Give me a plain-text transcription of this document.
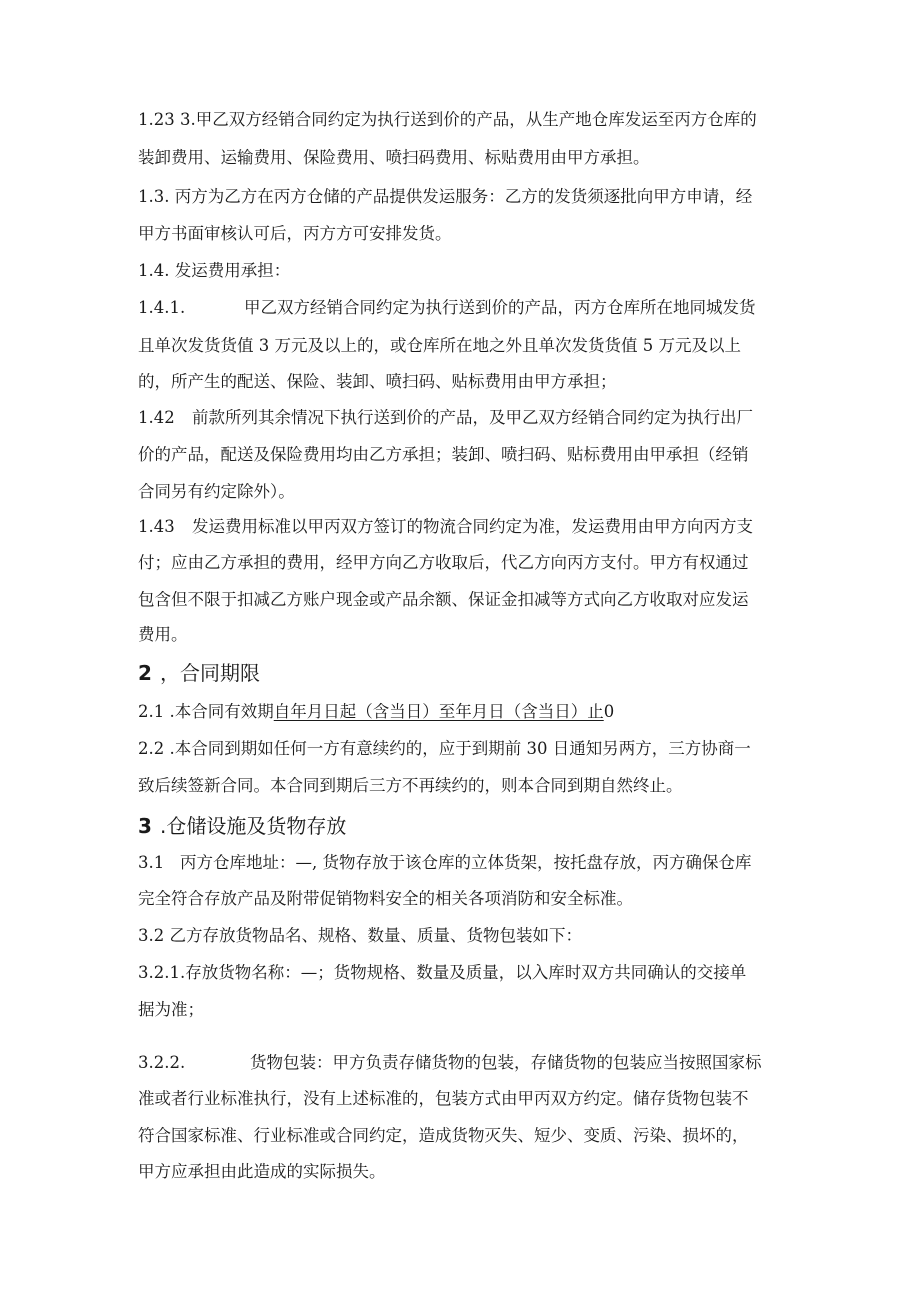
1.23 3.甲乙双方经销合同约定为执行送到价的产品，从生产地仓库发运至丙方仓库的
装卸费用、运输费用、保险费用、喷扫码费用、标贴费用由甲方承担。
1.3. 丙方为乙方在丙方仓储的产品提供发运服务：乙方的发货须逐批向甲方申请，经
甲方书面审核认可后，丙方方可安排发货。
1.4. 发运费用承担：
1.4.1.	甲乙双方经销合同约定为执行送到价的产品，丙方仓库所在地同城发货
且单次发货货值 3 万元及以上的，或仓库所在地之外且单次发货货值 5 万元及以上
的，所产生的配送、保险、装卸、喷扫码、贴标费用由甲方承担；
1.42 前款所列其余情况下执行送到价的产品，及甲乙双方经销合同约定为执行出厂
价的产品，配送及保险费用均由乙方承担；装卸、喷扫码、贴标费用由甲承担（经销
合同另有约定除外）。
1.43 发运费用标准以甲丙双方签订的物流合同约定为准，发运费用由甲方向丙方支
付；应由乙方承担的费用，经甲方向乙方收取后，代乙方向丙方支付。甲方有权通过
包含但不限于扣减乙方账户现金或产品余额、保证金扣减等方式向乙方收取对应发运
费用。
2 ，合同期限
2.1 .本合同有效期自年月日起（含当日）至年月日（含当日）止0
2.2 .本合同到期如任何一方有意续约的，应于到期前 30 日通知另两方，三方协商一
致后续签新合同。本合同到期后三方不再续约的，则本合同到期自然终止。
3 .仓储设施及货物存放
3.1 丙方仓库地址：—, 货物存放于该仓库的立体货架，按托盘存放，丙方确保仓库
完全符合存放产品及附带促销物料安全的相关各项消防和安全标准。
3.2 乙方存放货物品名、规格、数量、质量、货物包装如下：
3.2.1.存放货物名称：—；货物规格、数量及质量，以入库时双方共同确认的交接单
据为准；
3.2.2.	货物包装：甲方负责存储货物的包装，存储货物的包装应当按照国家标
准或者行业标准执行，没有上述标准的，包装方式由甲丙双方约定。储存货物包装不
符合国家标准、行业标准或合同约定，造成货物灭失、短少、变质、污染、损坏的，
甲方应承担由此造成的实际损失。
